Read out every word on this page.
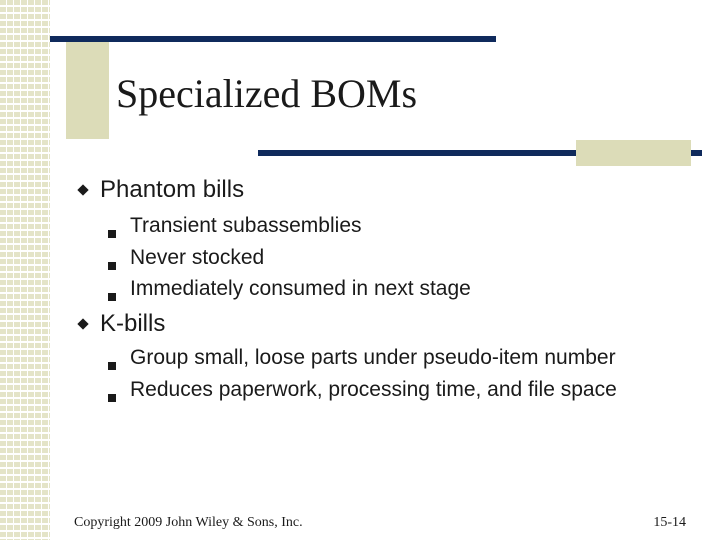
Specialized BOMs
Phantom bills
Transient subassemblies
Never stocked
Immediately consumed in next stage
K-bills
Group small, loose parts under pseudo-item number
Reduces paperwork, processing time, and file space
Copyright 2009 John Wiley & Sons, Inc.	15-14
